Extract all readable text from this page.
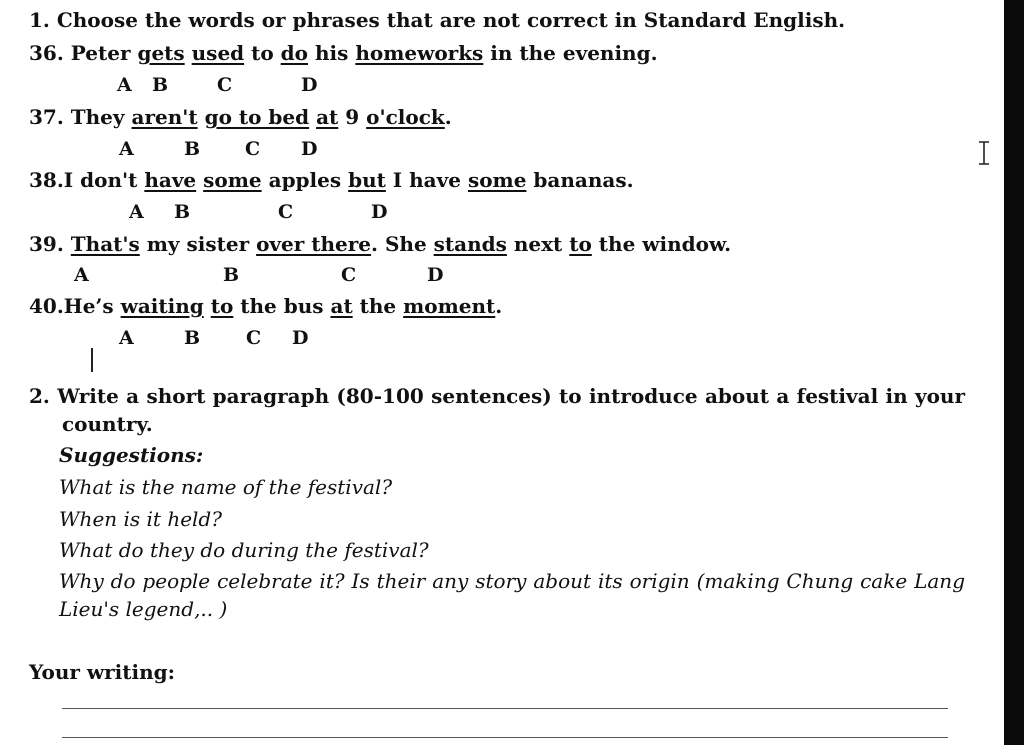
1. Choose the words or phrases that are not correct in Standard English.
36. Peter gets used to do his homeworks in the evening.
A B	C	D
37. They aren't go to bed at 9 o'clock.
A	B C D
38.I don't have some apples but I have some bananas.
A B	C	D
39. That's my sister over there. She stands next to the window.
A	B	C	D
40.He’s waiting to the bus at the moment.
A	B C D
2. Write a short paragraph (80-100 sentences) to introduce about a festival in your country.
Suggestions:
What is the name of the festival?
When is it held?
What do they do during the festival?
Why do people celebrate it? Is their any story about its origin (making Chung cake Lang Lieu's legend,.. )
Your writing:
